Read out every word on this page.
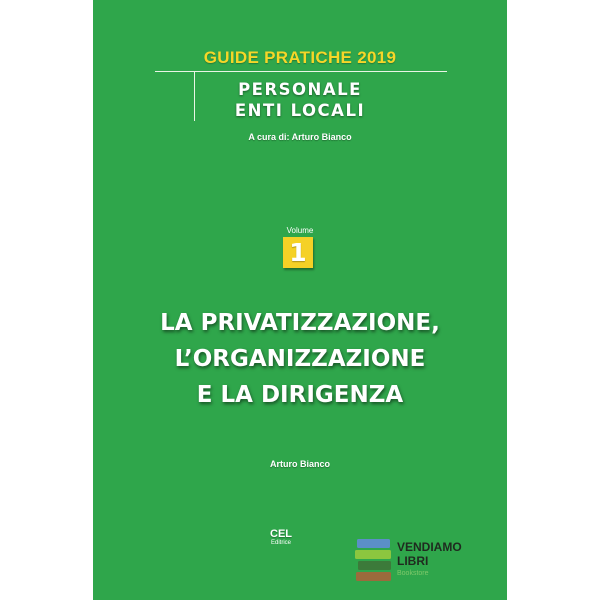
GUIDE PRATICHE 2019
PERSONALE
ENTI LOCALI
A cura di: Arturo Bianco
Volume
1
LA PRIVATIZZAZIONE,
L’ORGANIZZAZIONE
E LA DIRIGENZA
Arturo Bianco
CEL
Editrice	VENDIAMO
LIBRI
Bookstore
